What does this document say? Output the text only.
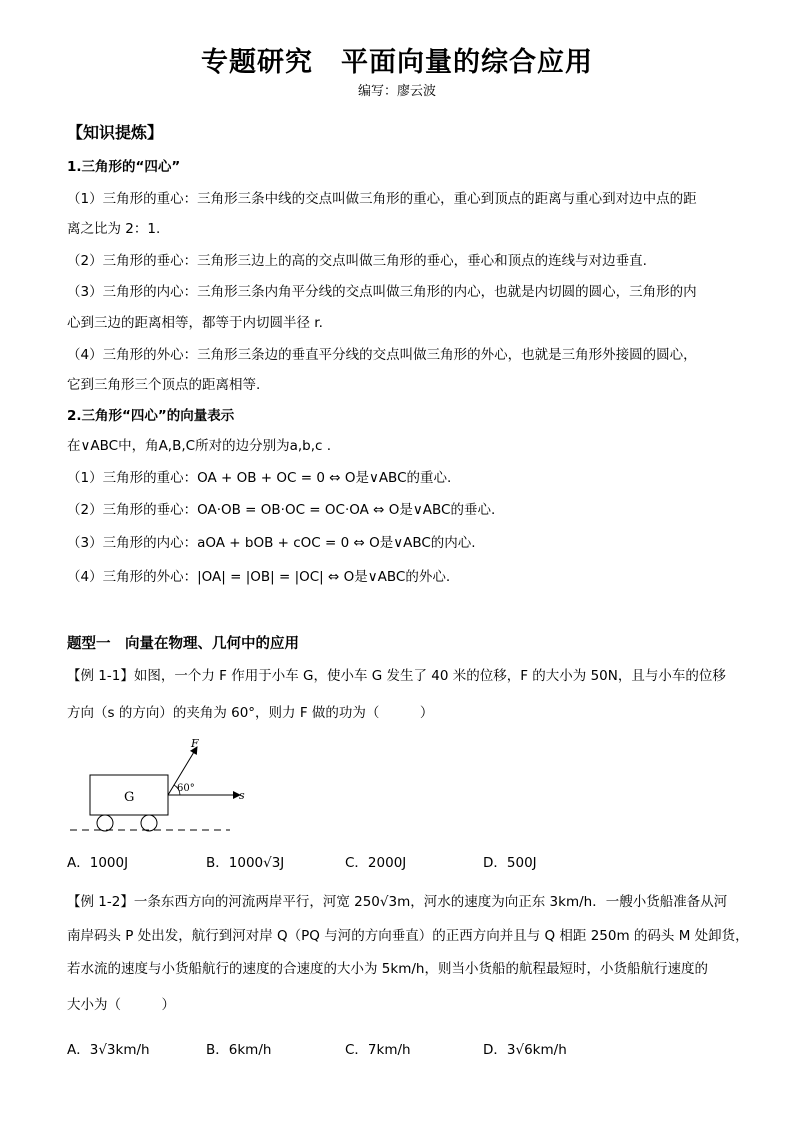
专题研究　平面向量的综合应用
编写：廖云波
【知识提炼】
1.三角形的“四心”
（1）三角形的重心：三角形三条中线的交点叫做三角形的重心，重心到顶点的距离与重心到对边中点的距
离之比为 2：1.
（2）三角形的垂心：三角形三边上的高的交点叫做三角形的垂心，垂心和顶点的连线与对边垂直.
（3）三角形的内心：三角形三条内角平分线的交点叫做三角形的内心，也就是内切圆的圆心，三角形的内
心到三边的距离相等，都等于内切圆半径 r.
（4）三角形的外心：三角形三条边的垂直平分线的交点叫做三角形的外心，也就是三角形外接圆的圆心，
它到三角形三个顶点的距离相等.
2.三角形“四心”的向量表示
在∨ABC中，角A,B,C所对的边分别为a,b,c .
（1）三角形的重心：OA + OB + OC = 0 ⇔ O是∨ABC的重心.
（2）三角形的垂心：OA·OB = OB·OC = OC·OA ⇔ O是∨ABC的垂心.
（3）三角形的内心：aOA + bOB + cOC = 0 ⇔ O是∨ABC的内心.
（4）三角形的外心：|OA| = |OB| = |OC| ⇔ O是∨ABC的外心.
题型一　向量在物理、几何中的应用
【例 1-1】如图，一个力 F 作用于小车 G，使小车 G 发生了 40 米的位移，F 的大小为 50N，且与小车的位移
方向（s 的方向）的夹角为 60°，则力 F 做的功为（　　　）
G
60°
F
s
A．1000J	B．1000√3J	C．2000J	D．500J
【例 1-2】一条东西方向的河流两岸平行，河宽 250√3m，河水的速度为向正东 3km/h．一艘小货船准备从河
南岸码头 P 处出发，航行到河对岸 Q（PQ 与河的方向垂直）的正西方向并且与 Q 相距 250m 的码头 M 处卸货，
若水流的速度与小货船航行的速度的合速度的大小为 5km/h，则当小货船的航程最短时，小货船航行速度的
大小为（　　　）
A．3√3km/h	B．6km/h	C．7km/h	D．3√6km/h
